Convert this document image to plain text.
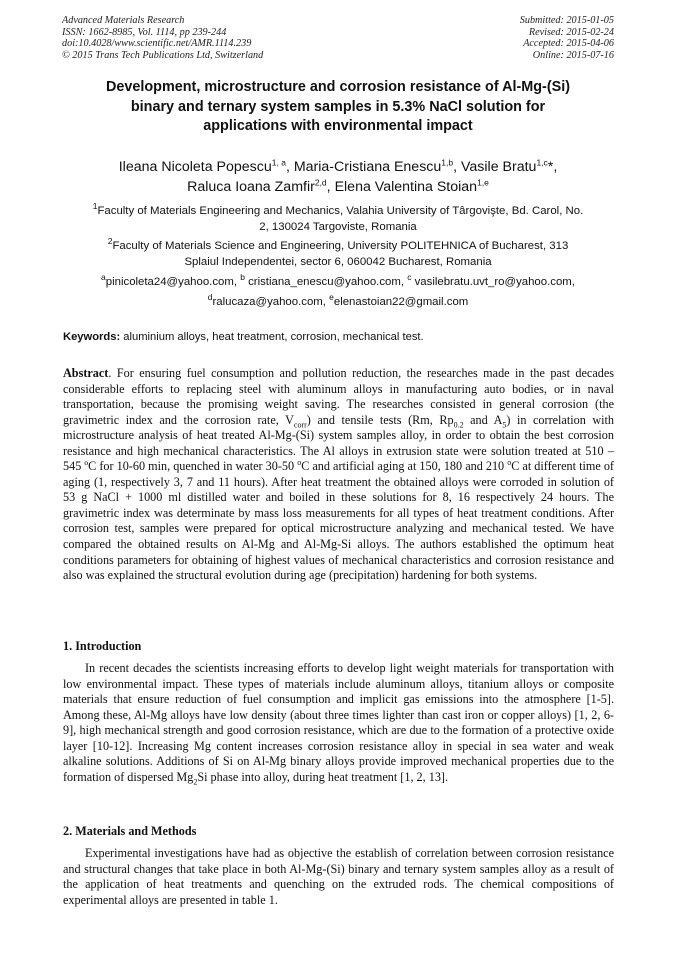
Advanced Materials Research
ISSN: 1662-8985, Vol. 1114, pp 239-244
doi:10.4028/www.scientific.net/AMR.1114.239
© 2015 Trans Tech Publications Ltd, Switzerland
Submitted: 2015-01-05
Revised: 2015-02-24
Accepted: 2015-04-06
Online: 2015-07-16
Development, microstructure and corrosion resistance of Al-Mg-(Si)
binary and ternary system samples in 5.3% NaCl solution for
applications with environmental impact
Ileana Nicoleta Popescu$^{1, a}$, Maria-Cristiana Enescu$^{1,b}$, Vasile Bratu$^{1,c}$*,
Raluca Ioana Zamfir$^{2,d}$, Elena Valentina Stoian$^{1,e}$
$^1$Faculty of Materials Engineering and Mechanics, Valahia University of Târgovişte, Bd. Carol, No.
2, 130024 Targoviste, Romania
$^2$Faculty of Materials Science and Engineering, University POLITEHNICA of Bucharest, 313
Splaiul Independentei, sector 6, 060042 Bucharest, Romania
$^a$pinicoleta24@yahoo.com, $^b$ cristiana_enescu@yahoo.com, $^c$ vasilebratu.uvt_ro@yahoo.com,
$^d$ralucaza@yahoo.com, $^e$elenastoian22@gmail.com
Keywords: aluminium alloys, heat treatment, corrosion, mechanical test.

Abstract. For ensuring fuel consumption and pollution reduction, the researches made in the past decades considerable efforts to replacing steel with aluminum alloys in manufacturing auto bodies, or in naval transportation, because the promising weight saving. The researches consisted in general corrosion (the gravimetric index and the corrosion rate, $V_{corr}$) and tensile tests (Rm, $Rp_{0.2}$ and $A_5$) in correlation with microstructure analysis of heat treated Al-Mg-(Si) system samples alloy, in order to obtain the best corrosion resistance and high mechanical characteristics. The Al alloys in extrusion state were solution treated at 510 – 545 ºC for 10-60 min, quenched in water 30-50 $^o$C and artificial aging at 150, 180 and 210 $^o$C at different time of aging (1, respectively 3, 7 and 11 hours). After heat treatment the obtained alloys were corroded in solution of 53 g NaCl + 1000 ml distilled water and boiled in these solutions for 8, 16 respectively 24 hours. The gravimetric index was determinate by mass loss measurements for all types of heat treatment conditions. After corrosion test, samples were prepared for optical microstructure analyzing and mechanical tested. We have compared the obtained results on Al-Mg and Al-Mg-Si alloys. The authors established the optimum heat conditions parameters for obtaining of highest values of mechanical characteristics and corrosion resistance and also was explained the structural evolution during age (precipitation) hardening for both systems.

1. Introduction

In recent decades the scientists increasing efforts to develop light weight materials for transportation with low environmental impact. These types of materials include aluminum alloys, titanium alloys or composite materials that ensure reduction of fuel consumption and implicit gas emissions into the atmosphere [1-5]. Among these, Al-Mg alloys have low density (about three times lighter than cast iron or copper alloys) [1, 2, 6-9], high mechanical strength and good corrosion resistance, which are due to the formation of a protective oxide layer [10-12]. Increasing Mg content increases corrosion resistance alloy in special in sea water and weak alkaline solutions. Additions of Si on Al-Mg binary alloys provide improved mechanical properties due to the formation of dispersed $Mg_2Si$ phase into alloy, during heat treatment [1, 2, 13].

2. Materials and Methods

Experimental investigations have had as objective the establish of correlation between corrosion resistance and structural changes that take place in both Al-Mg-(Si) binary and ternary system samples alloy as a result of the application of heat treatments and quenching on the extruded rods. The chemical compositions of experimental alloys are presented in table 1.
